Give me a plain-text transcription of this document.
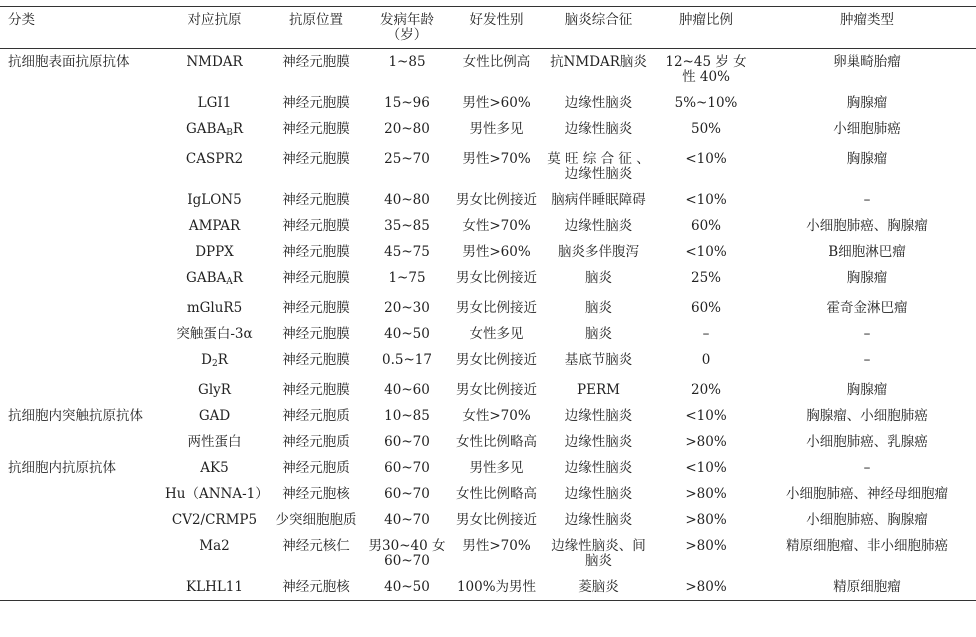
分类	对应抗原	抗原位置	发病年龄（岁）	好发性别	脑炎综合征	肿瘤比例	肿瘤类型
抗细胞表面抗原抗体	NMDAR	神经元胞膜	1~85	女性比例高	抗NMDAR脑炎	12~45 岁 女 性 40%	卵巢畸胎瘤
	LGI1	神经元胞膜	15~96	男性>60%	边缘性脑炎	5%~10%	胸腺瘤
	$GABA_BR$	神经元胞膜	20~80	男性多见	边缘性脑炎	50%	小细胞肺癌
	CASPR2	神经元胞膜	25~70	男性>70%	莫 旺 综 合 征 、边缘性脑炎	<10%	胸腺瘤
	IgLON5	神经元胞膜	40~80	男女比例接近	脑病伴睡眠障碍	<10%	–
	AMPAR	神经元胞膜	35~85	女性>70%	边缘性脑炎	60%	小细胞肺癌、胸腺瘤
	DPPX	神经元胞膜	45~75	男性>60%	脑炎多伴腹泻	<10%	B细胞淋巴瘤
	$GABA_AR$	神经元胞膜	1~75	男女比例接近	脑炎	25%	胸腺瘤
	mGluR5	神经元胞膜	20~30	男女比例接近	脑炎	60%	霍奇金淋巴瘤
	突触蛋白-3α	神经元胞膜	40~50	女性多见	脑炎	–	–
	$D_2R$	神经元胞膜	0.5~17	男女比例接近	基底节脑炎	0	–
	GlyR	神经元胞膜	40~60	男女比例接近	PERM	20%	胸腺瘤
抗细胞内突触抗原抗体	GAD	神经元胞质	10~85	女性>70%	边缘性脑炎	<10%	胸腺瘤、小细胞肺癌
	两性蛋白	神经元胞质	60~70	女性比例略高	边缘性脑炎	>80%	小细胞肺癌、乳腺癌
抗细胞内抗原抗体	AK5	神经元胞质	60~70	男性多见	边缘性脑炎	<10%	–
	Hu（ANNA-1）	神经元胞核	60~70	女性比例略高	边缘性脑炎	>80%	小细胞肺癌、神经母细胞瘤
	CV2/CRMP5	少突细胞胞质	40~70	男女比例接近	边缘性脑炎	>80%	小细胞肺癌、胸腺瘤
	Ma2	神经元核仁	男30~40 女60~70	男性>70%	边缘性脑炎、间脑炎	>80%	精原细胞瘤、非小细胞肺癌
	KLHL11	神经元胞核	40~50	100%为男性	菱脑炎	>80%	精原细胞瘤
